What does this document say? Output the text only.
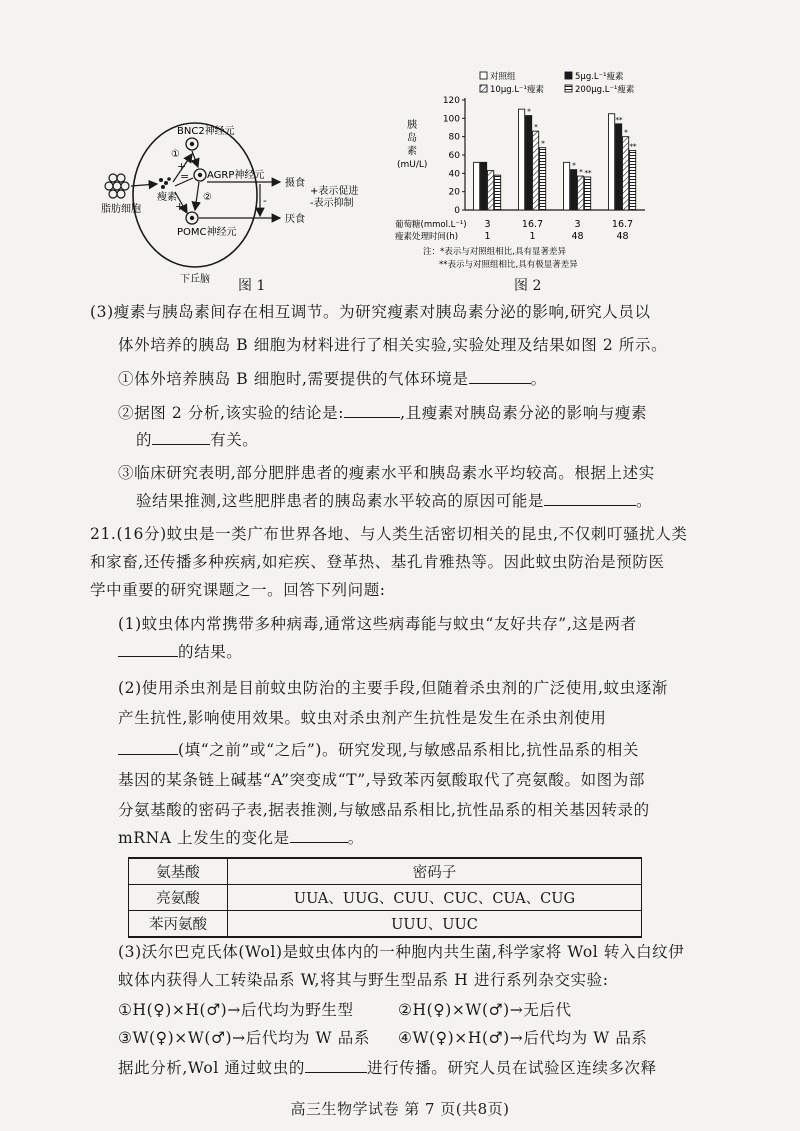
脂肪细胞
瘦素
BNC2神经元
AGRP神经元
POMC神经元
①
②
+
=
+
摄食
厌食
-
+表示促进
-表示抑制
下丘脑 图 1
对照组	5μg.L⁻¹瘦素
10μg.L⁻¹瘦素	200μg.L⁻¹瘦素
胰
岛
素
(mU/L)
0
20
40
60
80
100
120
*
*
*
*
* **
**
*
**
葡萄糖(mmol.L⁻¹)
瘦素处理时间(h)
3
1
16.7
1
3
48
16.7
48
注：*表示与对照组相比,具有显著差异
**表示与对照组相比,具有极显著差异
图 2
(3)瘦素与胰岛素间存在相互调节。为研究瘦素对胰岛素分泌的影响,研究人员以
体外培养的胰岛 B 细胞为材料进行了相关实验,实验处理及结果如图 2 所示。
①体外培养胰岛 B 细胞时,需要提供的气体环境是	。
②据图 2 分析,该实验的结论是:	,且瘦素对胰岛素分泌的影响与瘦素
的	有关。
③临床研究表明,部分肥胖患者的瘦素水平和胰岛素水平均较高。根据上述实
验结果推测,这些肥胖患者的胰岛素水平较高的原因可能是	。
21.(16分)蚊虫是一类广布世界各地、与人类生活密切相关的昆虫,不仅刺叮骚扰人类
和家畜,还传播多种疾病,如疟疾、登革热、基孔肯雅热等。因此蚊虫防治是预防医
学中重要的研究课题之一。回答下列问题:
(1)蚊虫体内常携带多种病毒,通常这些病毒能与蚊虫“友好共存”,这是两者
的结果。
(2)使用杀虫剂是目前蚊虫防治的主要手段,但随着杀虫剂的广泛使用,蚊虫逐渐
产生抗性,影响使用效果。蚊虫对杀虫剂产生抗性是发生在杀虫剂使用
(填“之前”或“之后”)。研究发现,与敏感品系相比,抗性品系的相关
基因的某条链上碱基“A”突变成“T”,导致苯丙氨酸取代了亮氨酸。如图为部
分氨基酸的密码子表,据表推测,与敏感品系相比,抗性品系的相关基因转录的
mRNA 上发生的变化是	。
氨基酸	密码子
亮氨酸	UUA、UUG、CUU、CUC、CUA、CUG
苯丙氨酸	UUU、UUC
(3)沃尔巴克氏体(Wol)是蚊虫体内的一种胞内共生菌,科学家将 Wol 转入白纹伊
蚊体内获得人工转染品系 W,将其与野生型品系 H 进行系列杂交实验:
①H(♀)×H(♂)→后代均为野生型	②H(♀)×W(♂)→无后代
③W(♀)×W(♂)→后代均为 W 品系	④W(♀)×H(♂)→后代均为 W 品系
据此分析,Wol 通过蚊虫的	进行传播。研究人员在试验区连续多次释
高三生物学试卷 第 7 页(共8页)
